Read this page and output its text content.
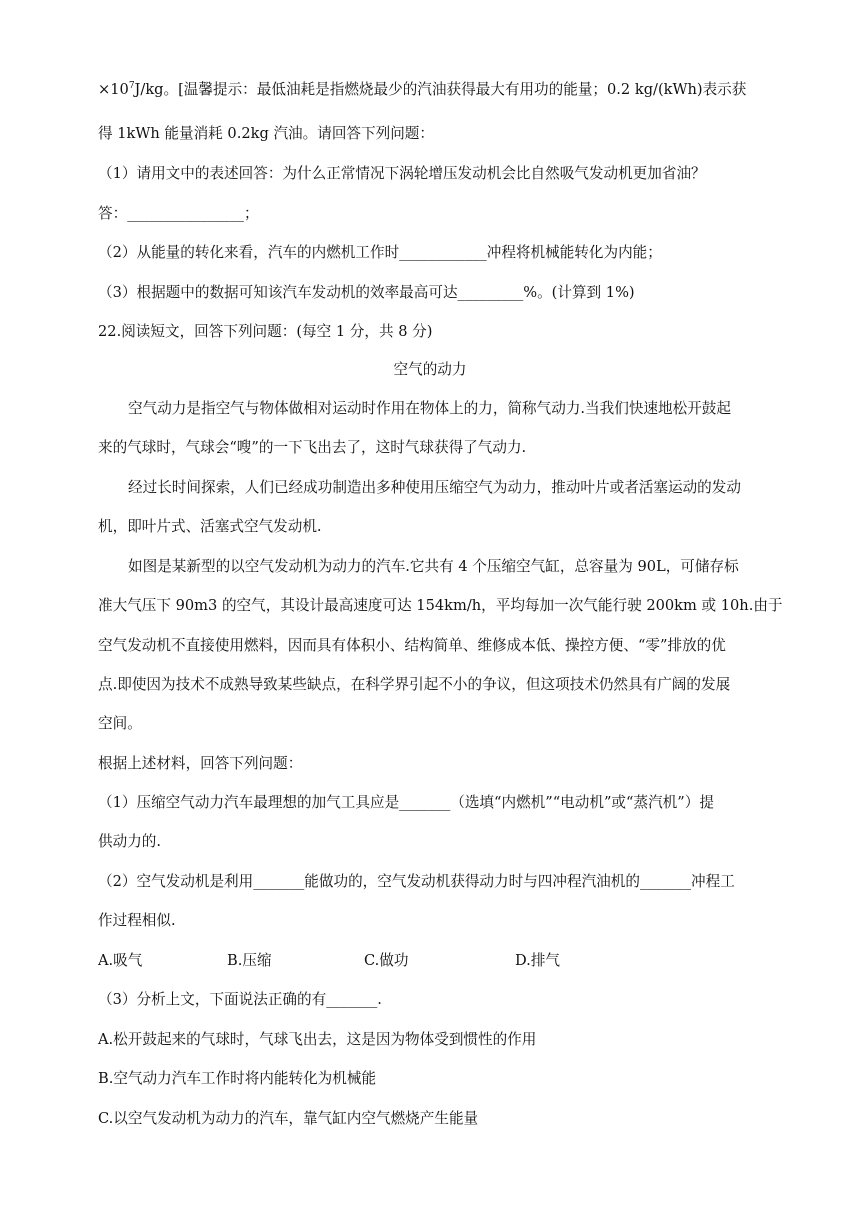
$\times 10^7J/kg$。[温馨提示：最低油耗是指燃烧最少的汽油获得最大有用功的能量；0.2 kg/(kWh)表示获
得 1kWh 能量消耗 0.2kg 汽油。请回答下列问题：
（1）请用文中的表述回答：为什么正常情况下涡轮增压发动机会比自然吸气发动机更加省油？
答：________________；
（2）从能量的转化来看，汽车的内燃机工作时____________冲程将机械能转化为内能；
（3）根据题中的数据可知该汽车发动机的效率最高可达_________%。(计算到 1%)
22.阅读短文，回答下列问题：(每空 1 分，共 8 分)
空气的动力
空气动力是指空气与物体做相对运动时作用在物体上的力，简称气动力.当我们快速地松开鼓起
来的气球时，气球会“嗖”的一下飞出去了，这时气球获得了气动力.
经过长时间探索，人们已经成功制造出多种使用压缩空气为动力，推动叶片或者活塞运动的发动
机，即叶片式、活塞式空气发动机.
如图是某新型的以空气发动机为动力的汽车.它共有 4 个压缩空气缸，总容量为 90L，可储存标
准大气压下 90m3 的空气，其设计最高速度可达 154km/h，平均每加一次气能行驶 200km 或 10h.由于
空气发动机不直接使用燃料，因而具有体积小、结构简单、维修成本低、操控方便、“零”排放的优
点.即使因为技术不成熟导致某些缺点，在科学界引起不小的争议，但这项技术仍然具有广阔的发展
空间。
根据上述材料，回答下列问题：
（1）压缩空气动力汽车最理想的加气工具应是_______（选填“内燃机”“电动机”或“蒸汽机”）提
供动力的.
（2）空气发动机是利用_______能做功的，空气发动机获得动力时与四冲程汽油机的_______冲程工
作过程相似.
A.吸气	B.压缩	C.做功	D.排气
（3）分析上文，下面说法正确的有_______.
A.松开鼓起来的气球时，气球飞出去，这是因为物体受到惯性的作用
B.空气动力汽车工作时将内能转化为机械能
C.以空气发动机为动力的汽车，靠气缸内空气燃烧产生能量
